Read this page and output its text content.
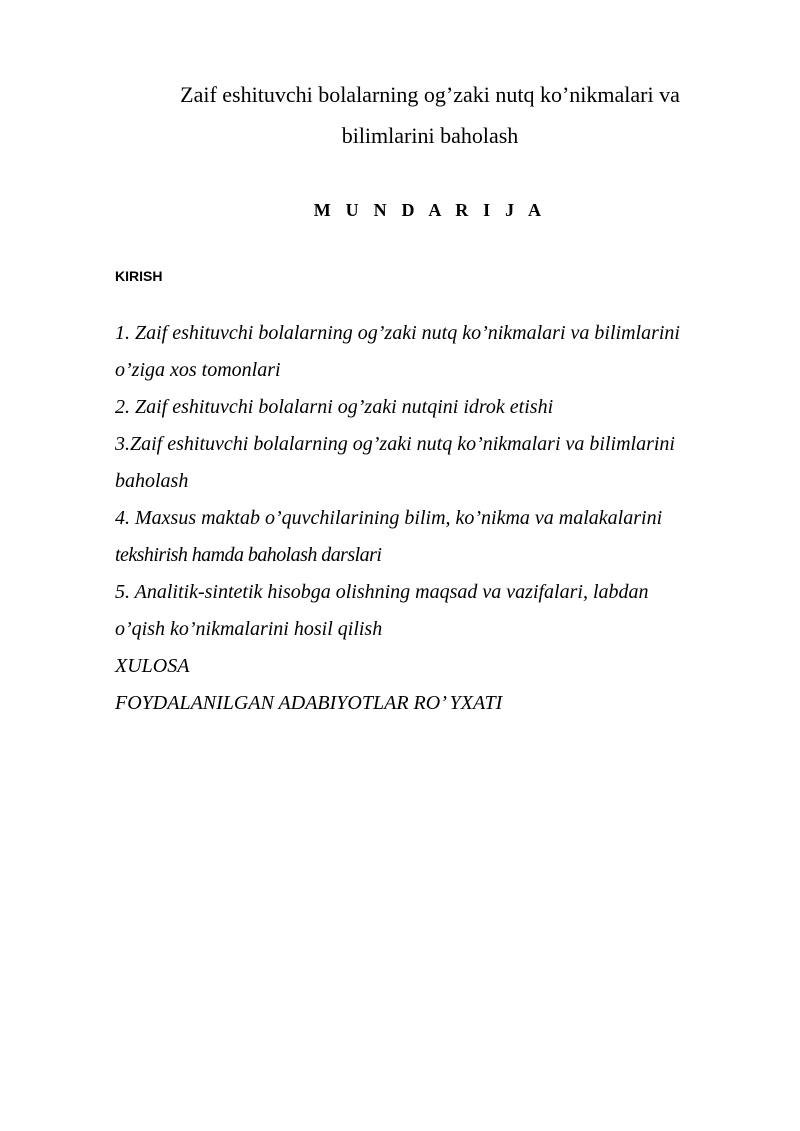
Zaif eshituvchi bolalarning og’zaki nutq ko’nikmalari va
bilimlarini baholash
M U N D A R I J A

KIRISH

1. Zaif eshituvchi bolalarning og’zaki nutq ko’nikmalari va bilimlarini
o’ziga xos tomonlari
2. Zaif eshituvchi bolalarni og’zaki nutqini idrok etishi
3.Zaif eshituvchi bolalarning og’zaki nutq ko’nikmalari va bilimlarini
baholash
4. Maxsus maktab o’quvchilarining bilim, ko’nikma va malakalarini
tekshirish hamda baholash darslari
5. Analitik-sintetik hisobga olishning maqsad va vazifalari, labdan
o’qish ko’nikmalarini hosil qilish
XULOSA
FOYDALANILGAN ADABIYOTLAR RO’ YXATI
